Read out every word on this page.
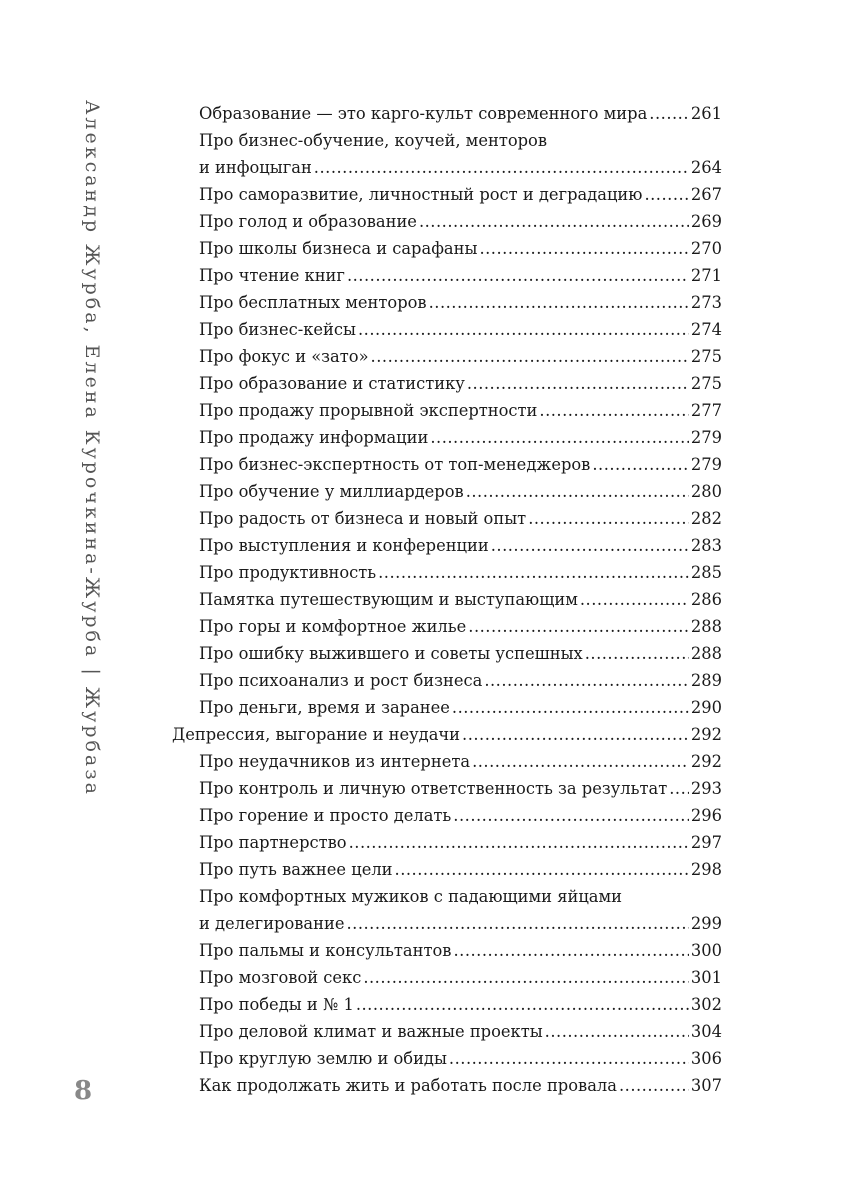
Александр Журба, Елена Курочкина-Журба | Журбаза
8
Образование — это карго-культ современного мира .....	261
Про бизнес-обучение, коучей, менторов
и инфоцыган .....	264
Про саморазвитие, личностный рост и деградацию .....	267
Про голод и образование .....	269
Про школы бизнеса и сарафаны .....	270
Про чтение книг .....	271
Про бесплатных менторов .....	273
Про бизнес-кейсы .....	274
Про фокус и «зато» .....	275
Про образование и статистику .....	275
Про продажу прорывной экспертности .....	277
Про продажу информации .....	279
Про бизнес-экспертность от топ-менеджеров .....	279
Про обучение у миллиардеров .....	280
Про радость от бизнеса и новый опыт .....	282
Про выступления и конференции .....	283
Про продуктивность .....	285
Памятка путешествующим и выступающим .....	286
Про горы и комфортное жилье .....	288
Про ошибку выжившего и советы успешных .....	288
Про психоанализ и рост бизнеса .....	289
Про деньги, время и заранее .....	290
Депрессия, выгорание и неудачи .....	292
Про неудачников из интернета .....	292
Про контроль и личную ответственность за результат ..... 293
Про горение и просто делать .....	296
Про партнерство .....	297
Про путь важнее цели .....	298
Про комфортных мужиков с падающими яйцами
и делегирование .....	299
Про пальмы и консультантов .....	300
Про мозговой секс .....	301
Про победы и № 1 .....	302
Про деловой климат и важные проекты .....	304
Про круглую землю и обиды .....	306
Как продолжать жить и работать после провала .....	307
